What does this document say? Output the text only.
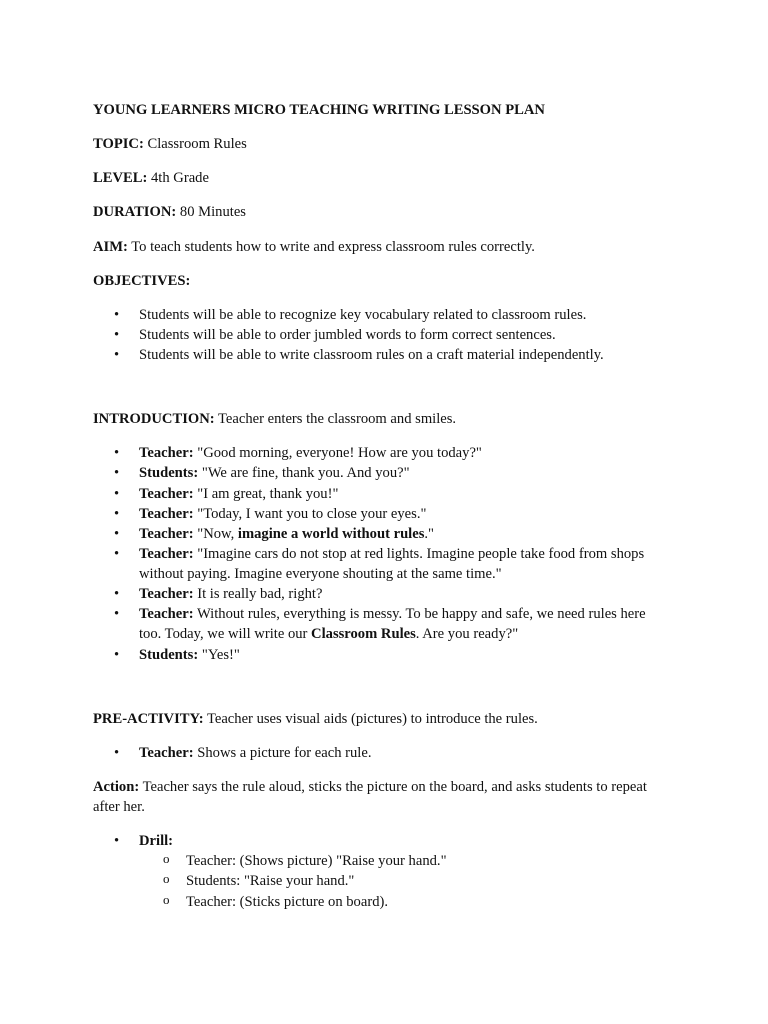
YOUNG LEARNERS MICRO TEACHING WRITING LESSON PLAN

TOPIC: Classroom Rules

LEVEL: 4th Grade

DURATION: 80 Minutes

AIM: To teach students how to write and express classroom rules correctly.

OBJECTIVES:

• Students will be able to recognize key vocabulary related to classroom rules.
• Students will be able to order jumbled words to form correct sentences.
• Students will be able to write classroom rules on a craft material independently.

INTRODUCTION: Teacher enters the classroom and smiles.

• Teacher: "Good morning, everyone! How are you today?"
• Students: "We are fine, thank you. And you?"
• Teacher: "I am great, thank you!"
• Teacher: "Today, I want you to close your eyes."
• Teacher: "Now, imagine a world without rules."
• Teacher: "Imagine cars do not stop at red lights. Imagine people take food from shops without paying. Imagine everyone shouting at the same time."
• Teacher: It is really bad, right?
• Teacher: Without rules, everything is messy. To be happy and safe, we need rules here too. Today, we will write our Classroom Rules. Are you ready?"
• Students: "Yes!"

PRE-ACTIVITY: Teacher uses visual aids (pictures) to introduce the rules.

• Teacher: Shows a picture for each rule.

Action: Teacher says the rule aloud, sticks the picture on the board, and asks students to repeat after her.

• Drill:
o Teacher: (Shows picture) "Raise your hand."
o Students: "Raise your hand."
o Teacher: (Sticks picture on board).
